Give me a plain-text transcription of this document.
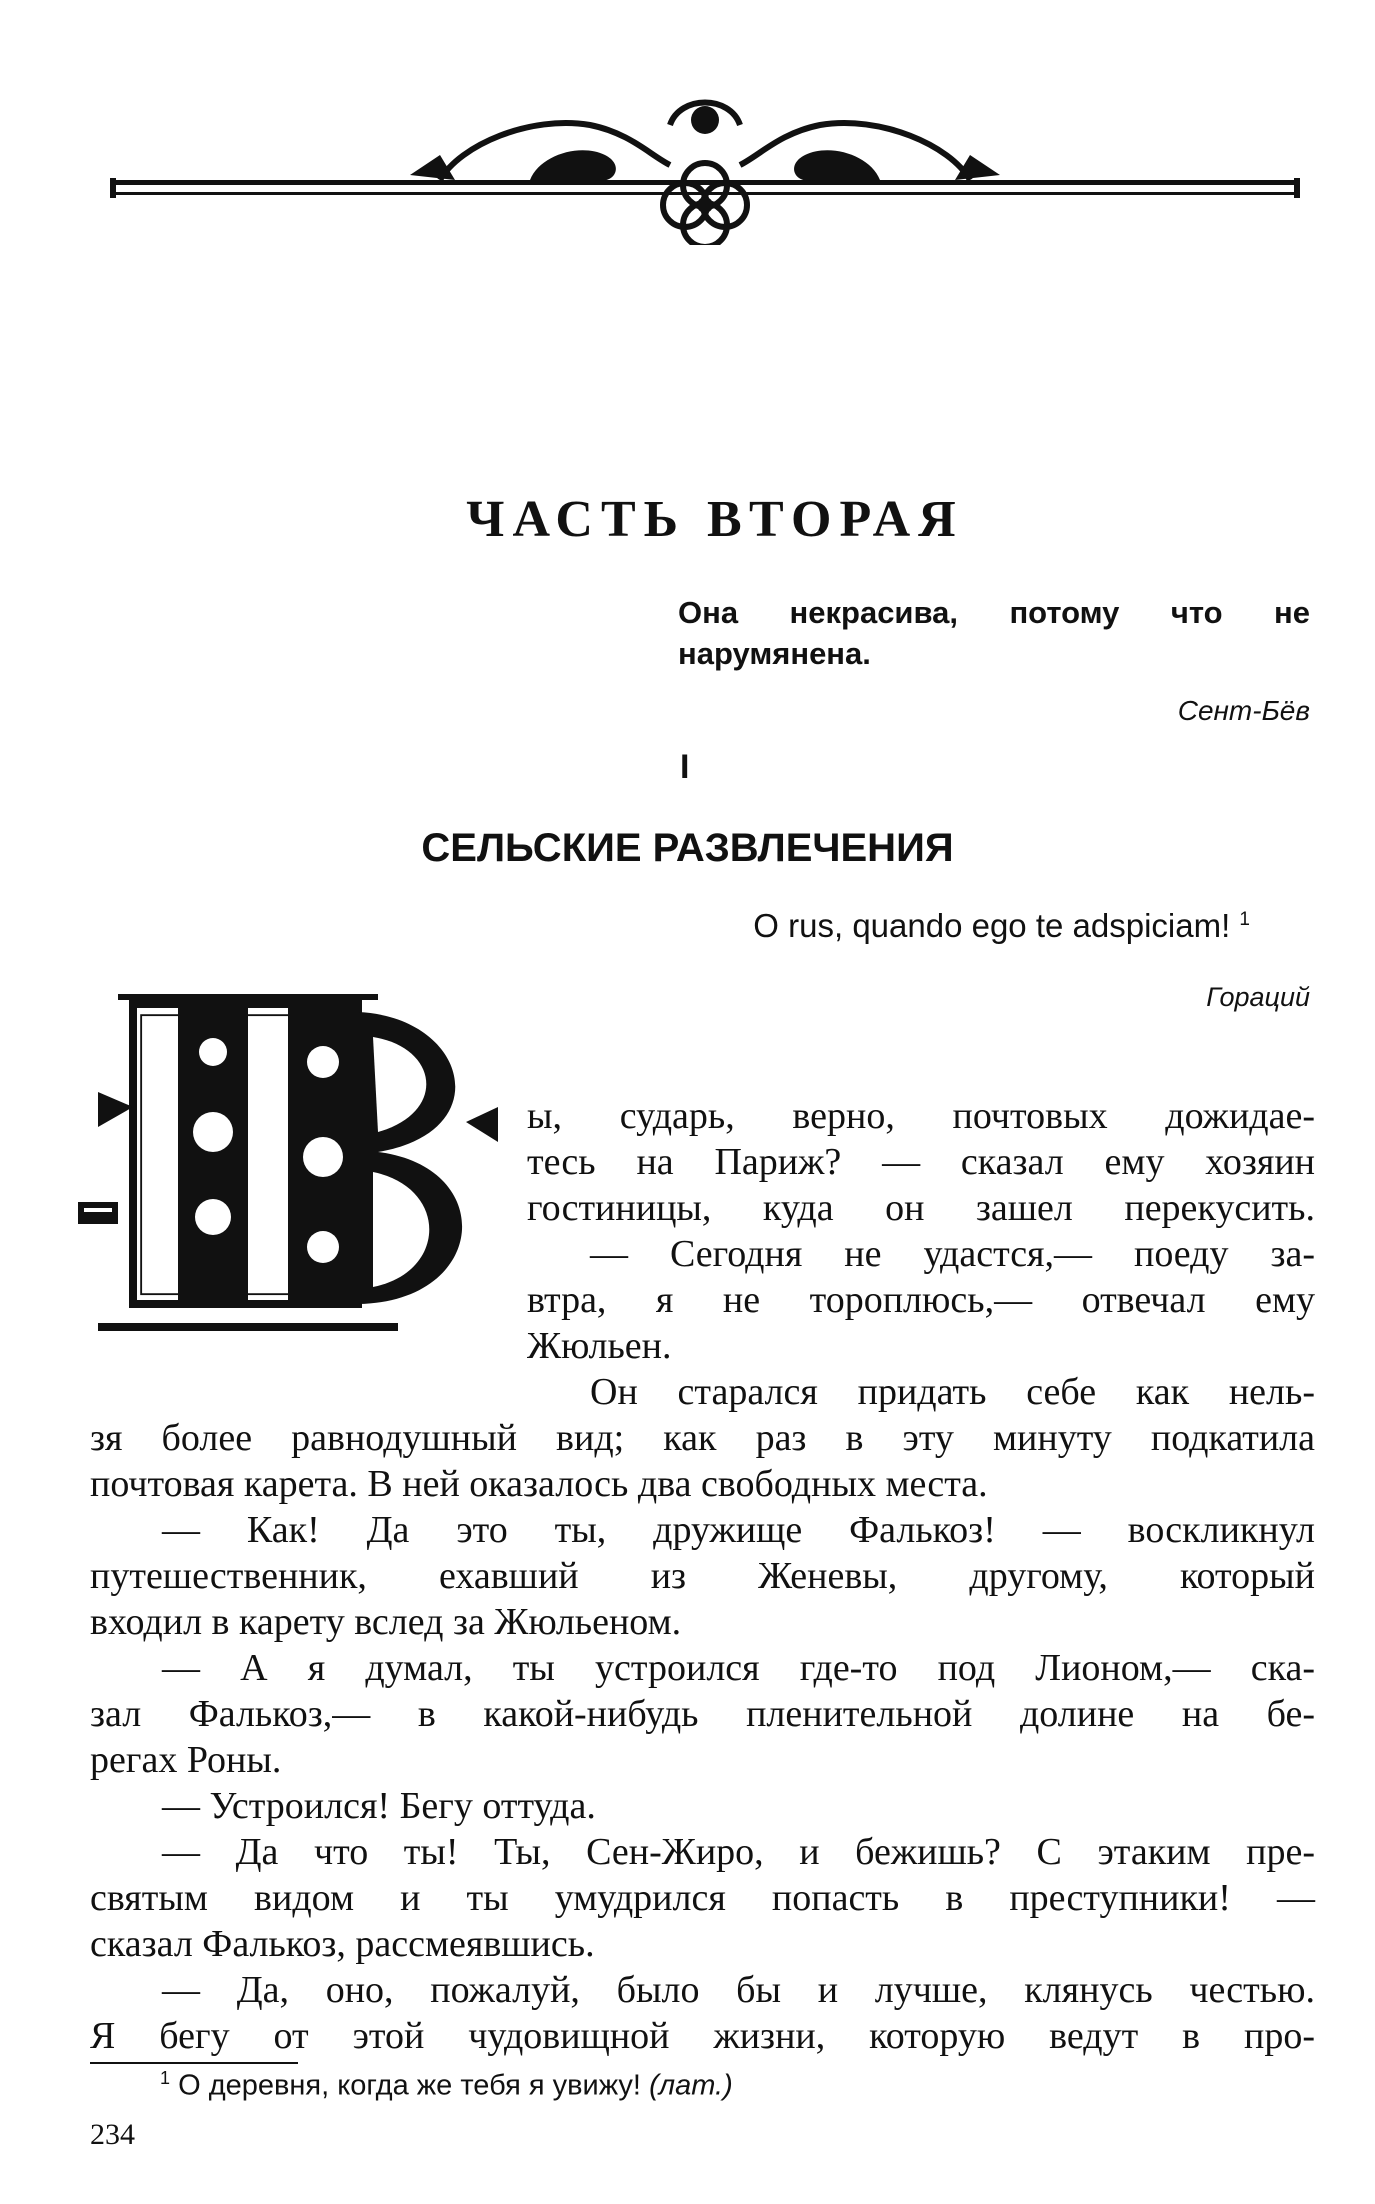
ЧАСТЬ ВТОРАЯ
Она некрасива, потому что не нарумянена.
Сент-Бёв
I
СЕЛЬСКИЕ РАЗВЛЕЧЕНИЯ
O rus, quando ego te adspiciam! $^1$
Гораций
ы, сударь, верно, почтовых дожидае-
тесь на Париж? — сказал ему хозяин
гостиницы, куда он зашел перекусить.
— Сегодня не удастся,— поеду за-
втра, я не тороплюсь,— отвечал ему
Жюльен.
Он старался придать себе как нель-
зя более равнодушный вид; как раз в эту минуту подкатила
почтовая карета. В ней оказалось два свободных места.
— Как! Да это ты, дружище Фалькоз! — воскликнул
путешественник, ехавший из Женевы, другому, который
входил в карету вслед за Жюльеном.
— А я думал, ты устроился где-то под Лионом,— ска-
зал Фалькоз,— в какой-нибудь пленительной долине на бе-
регах Роны.
— Устроился! Бегу оттуда.
— Да что ты! Ты, Сен-Жиро, и бежишь? С этаким пре-
святым видом и ты умудрился попасть в преступники! —
сказал Фалькоз, рассмеявшись.
— Да, оно, пожалуй, было бы и лучше, клянусь честью.
Я бегу от этой чудовищной жизни, которую ведут в про-
$^1$ О деревня, когда же тебя я увижу! (лат.)
234
